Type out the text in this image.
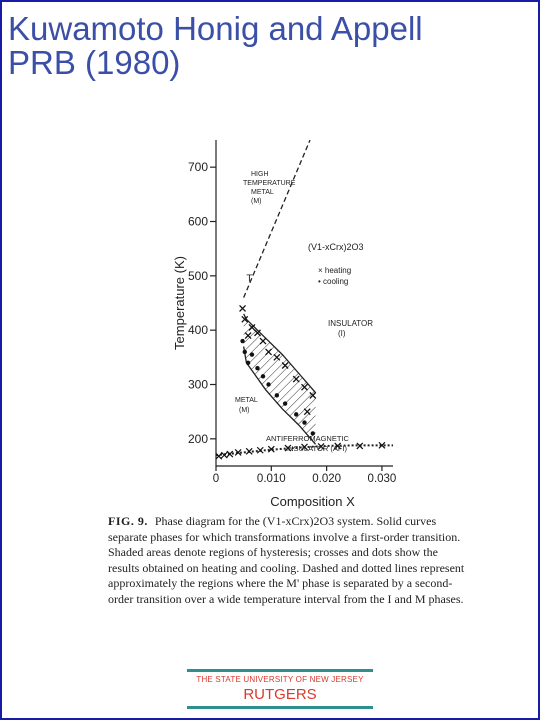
Kuwamoto Honig and Appell
PRB (1980)
200
300
400
500
600
700
0	0.010 0.020 0.030
Temperature (K)
Composition X
HIGH
TEMPERATURE
METAL
(M)
(V1-xCrx)2O3
× heating
• cooling
INSULATOR
(I)
METAL
(M)
ANTIFERROMAGNETIC
INSULATOR (AFI)
T

FIG. 9. Phase diagram for the (V1-xCrx)2O3 system. Solid curves separate phases for which transformations involve a first-order transition. Shaded areas denote regions of hysteresis; crosses and dots show the results obtained on heating and cooling. Dashed and dotted lines represent approximately the regions where the M' phase is separated by a second-order transition over a wide temperature interval from the I and M phases.

THE STATE UNIVERSITY OF NEW JERSEY
RUTGERS
